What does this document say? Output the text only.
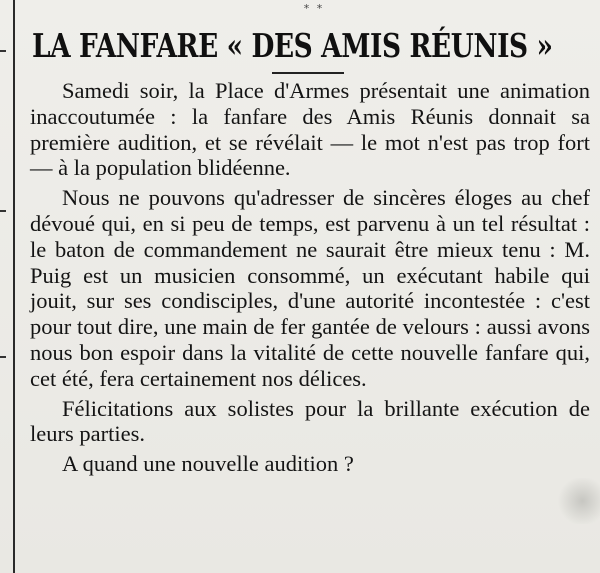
* *
LA FANFARE « DES AMIS RÉUNIS »

Samedi soir, la Place d'Armes présentait une animation inaccoutumée : la fanfare des Amis Réunis donnait sa première audition, et se révélait — le mot n'est pas trop fort — à la population blidéenne.

Nous ne pouvons qu'adresser de sincères éloges au chef dévoué qui, en si peu de temps, est parvenu à un tel résultat : le baton de commandement ne saurait être mieux tenu : M. Puig est un musicien consommé, un exécutant habile qui jouit, sur ses condisciples, d'une autorité incontestée : c'est pour tout dire, une main de fer gantée de velours : aussi avons nous bon espoir dans la vitalité de cette nouvelle fanfare qui, cet été, fera certainement nos délices.

Félicitations aux solistes pour la brillante exécution de leurs parties.

A quand une nouvelle audition ?
